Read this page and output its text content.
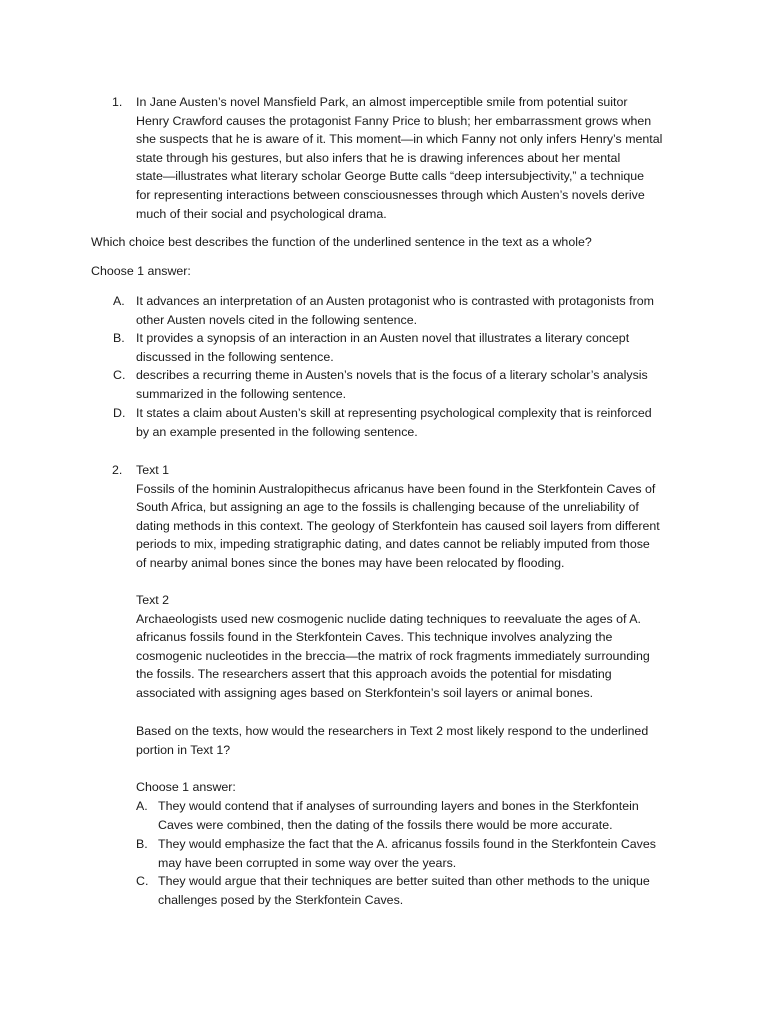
1. In Jane Austen’s novel Mansfield Park, an almost imperceptible smile from potential suitor
Henry Crawford causes the protagonist Fanny Price to blush; her embarrassment grows when
she suspects that he is aware of it. This moment—in which Fanny not only infers Henry’s mental
state through his gestures, but also infers that he is drawing inferences about her mental
state—illustrates what literary scholar George Butte calls “deep intersubjectivity,” a technique
for representing interactions between consciousnesses through which Austen’s novels derive
much of their social and psychological drama.
Which choice best describes the function of the underlined sentence in the text as a whole?
Choose 1 answer:
A. It advances an interpretation of an Austen protagonist who is contrasted with protagonists from
other Austen novels cited in the following sentence.
B. It provides a synopsis of an interaction in an Austen novel that illustrates a literary concept
discussed in the following sentence.
C. describes a recurring theme in Austen’s novels that is the focus of a literary scholar’s analysis
summarized in the following sentence.
D. It states a claim about Austen’s skill at representing psychological complexity that is reinforced
by an example presented in the following sentence.
2. Text 1
Fossils of the hominin Australopithecus africanus have been found in the Sterkfontein Caves of
South Africa, but assigning an age to the fossils is challenging because of the unreliability of
dating methods in this context. The geology of Sterkfontein has caused soil layers from different
periods to mix, impeding stratigraphic dating, and dates cannot be reliably imputed from those
of nearby animal bones since the bones may have been relocated by flooding.
Text 2
Archaeologists used new cosmogenic nuclide dating techniques to reevaluate the ages of A.
africanus fossils found in the Sterkfontein Caves. This technique involves analyzing the
cosmogenic nucleotides in the breccia—the matrix of rock fragments immediately surrounding
the fossils. The researchers assert that this approach avoids the potential for misdating
associated with assigning ages based on Sterkfontein’s soil layers or animal bones.
Based on the texts, how would the researchers in Text 2 most likely respond to the underlined
portion in Text 1?
Choose 1 answer:
A. They would contend that if analyses of surrounding layers and bones in the Sterkfontein
Caves were combined, then the dating of the fossils there would be more accurate.
B. They would emphasize the fact that the A. africanus fossils found in the Sterkfontein Caves
may have been corrupted in some way over the years.
C. They would argue that their techniques are better suited than other methods to the unique
challenges posed by the Sterkfontein Caves.
